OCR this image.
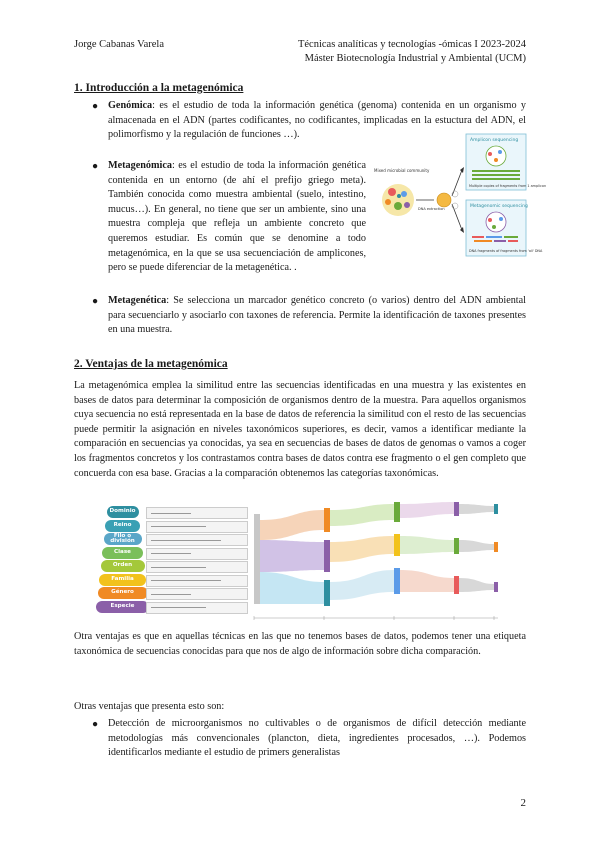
Jorge Cabanas Varela	Técnicas analíticas y tecnologías -ómicas I 2023-2024
Máster Biotecnología Industrial y Ambiental (UCM)
1. Introducción a la metagenómica
● Genómica: es el estudio de toda la información genética (genoma) contenida en un organismo y almacenada en el ADN (partes codificantes, no codificantes, implicadas en la estuctura del ADN, el polimorfismo y la regulación de funciones …).

● Metagenómica: es el estudio de toda la información genética contenida en un entorno (de ahí el prefijo griego meta). También conocida como muestra ambiental (suelo, intestino, mucus…). En general, no tiene que ser un ambiente, sino una muestra compleja que refleja un ambiente concreto que queremos estudiar. Es común que se denomine a todo metagenómica, en la que se usa secuenciación de amplicones, pero se puede diferenciar de la metagenética. .

Mixed microbial community
DNA extraction
Amplicon sequencing
Multiple copies of fragments from 1 amplicon
Metagenomic sequencing
DNA fragments of fragments from 'all' DNA
● Metagenética: Se selecciona un marcador genético concreto (o varios) dentro del ADN ambiental para secuenciarlo y asociarlo con taxones de referencia. Permite la identificación de taxones presentes en una muestra.

2. Ventajas de la metagenómica

La metagenómica emplea la similitud entre las secuencias identificadas en una muestra y las existentes en bases de datos para determinar la composición de organismos dentro de la muestra. Para aquellos organismos cuya secuencia no está representada en la base de datos de referencia la similitud con el resto de las secuencias puede permitir la asignación en niveles taxonómicos superiores, es decir, vamos a identificar mediante la comparación en secuencias ya conocidas, ya sea en secuencias de bases de datos de genomas o vamos a coger los fragmentos concretos y los contrastamos contra bases de datos contra ese fragmento o el gen completo que concuerda con esa base. Gracias a la comparación obtenemos las categorías taxonómicas.

Dominio
Reino
Filo o división
Clase
Orden
Familia
Género
Especie

Otra ventajas es que en aquellas técnicas en las que no tenemos bases de datos, podemos tener una etiqueta taxonómica de secuencias conocidas para que nos de algo de información sobre dicha comparación.

Otras ventajas que presenta esto son:

● Detección de microorganismos no cultivables o de organismos de difícil detección mediante metodologías más convencionales (plancton, dieta, ingredientes procesados, …). Podemos identificarlos mediante el estudio de primers generalistas

2
